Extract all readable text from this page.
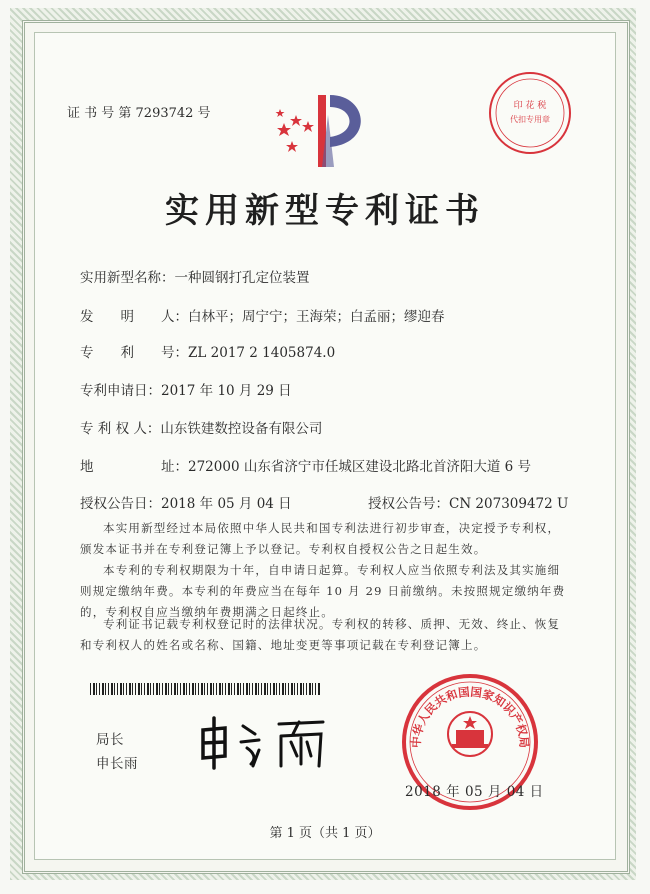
证 书 号 第 7293742 号	印 花 税
代扣专用章
实用新型专利证书
实用新型名称：一种圆钢打孔定位装置
发　　明　　人：白林平；周宁宁；王海荣；白孟丽；缪迎春
专　　利　　号：ZL 2017 2 1405874.0
专利申请日：2017 年 10 月 29 日
专 利 权 人：山东铁建数控设备有限公司
地　　　　　址：272000 山东省济宁市任城区建设北路北首济阳大道 6 号
授权公告日：2018 年 05 月 04 日	授权公告号：CN 207309472 U
本实用新型经过本局依照中华人民共和国专利法进行初步审查，决定授予专利权，颁发本证书并在专利登记簿上予以登记。专利权自授权公告之日起生效。
本专利的专利权期限为十年，自申请日起算。专利权人应当依照专利法及其实施细则规定缴纳年费。本专利的年费应当在每年 10 月 29 日前缴纳。未按照规定缴纳年费的，专利权自应当缴纳年费期满之日起终止。
专利证书记载专利权登记时的法律状况。专利权的转移、质押、无效、终止、恢复和专利权人的姓名或名称、国籍、地址变更等事项记载在专利登记簿上。
局长
申长雨
中华人民共和国国家知识产权局
2018 年 05 月 04 日
第 1 页（共 1 页）
